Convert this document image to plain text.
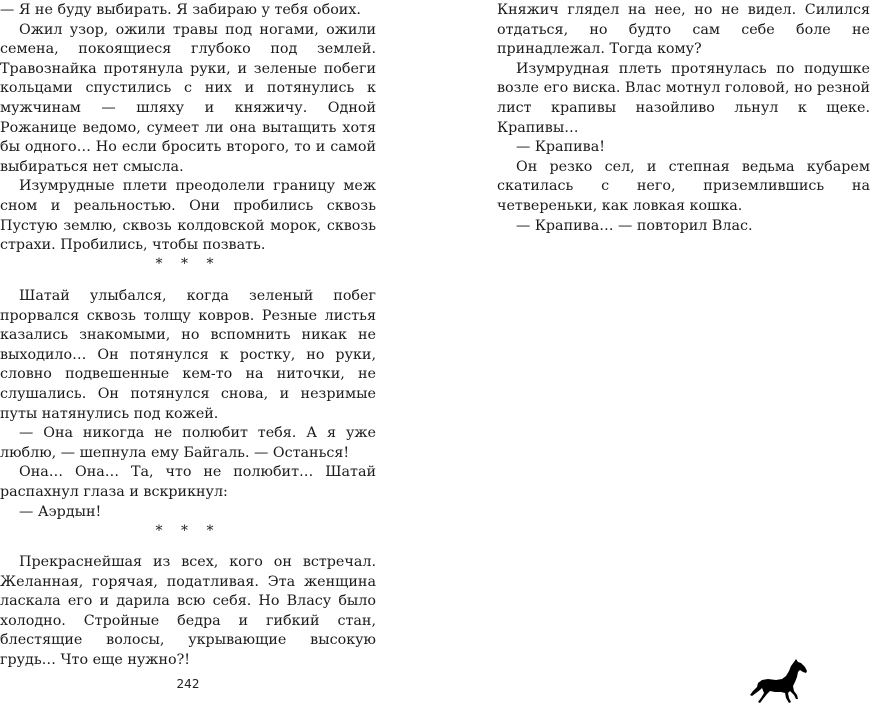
— Я не буду выбирать. Я забираю у тебя обоих.

Ожил узор, ожили травы под ногами, ожили семена, покоящиеся глубоко под землей. Травознайка протянула руки, и зеленые побеги кольцами спустились с них и потянулись к мужчинам — шляху и княжичу. Одной Рожанице ведомо, сумеет ли она вытащить хотя бы одного… Но если бросить второго, то и самой выбираться нет смысла.

Изумрудные плети преодолели границу меж сном и реальностью. Они пробились сквозь Пустую землю, сквозь колдовской морок, сквозь страхи. Пробились, чтобы позвать.

* * *

Шатай улыбался, когда зеленый побег прорвался сквозь толщу ковров. Резные листья казались знакомыми, но вспомнить никак не выходило… Он потянулся к ростку, но руки, словно подвешенные кем-то на ниточки, не слушались. Он потянулся снова, и незримые путы натянулись под кожей.

— Она никогда не полюбит тебя. А я уже люблю, — шепнула ему Байгаль. — Останься!

Она… Она… Та, что не полюбит… Шатай распахнул глаза и вскрикнул:

— Аэрдын!

* * *

Прекраснейшая из всех, кого он встречал. Желанная, горячая, податливая. Эта женщина ласкала его и дарила всю себя. Но Власу было холодно. Стройные бедра и гибкий стан, блестящие волосы, укрывающие высокую грудь… Что еще нужно?!

242

Княжич глядел на нее, но не видел. Силился отдаться, но будто сам себе боле не принадлежал. Тогда кому?

Изумрудная плеть протянулась по подушке возле его виска. Влас мотнул головой, но резной лист крапивы назойливо льнул к щеке. Крапивы…

— Крапива!

Он резко сел, и степная ведьма кубарем скатилась с него, приземлившись на четвереньки, как ловкая кошка.

— Крапива… — повторил Влас.
